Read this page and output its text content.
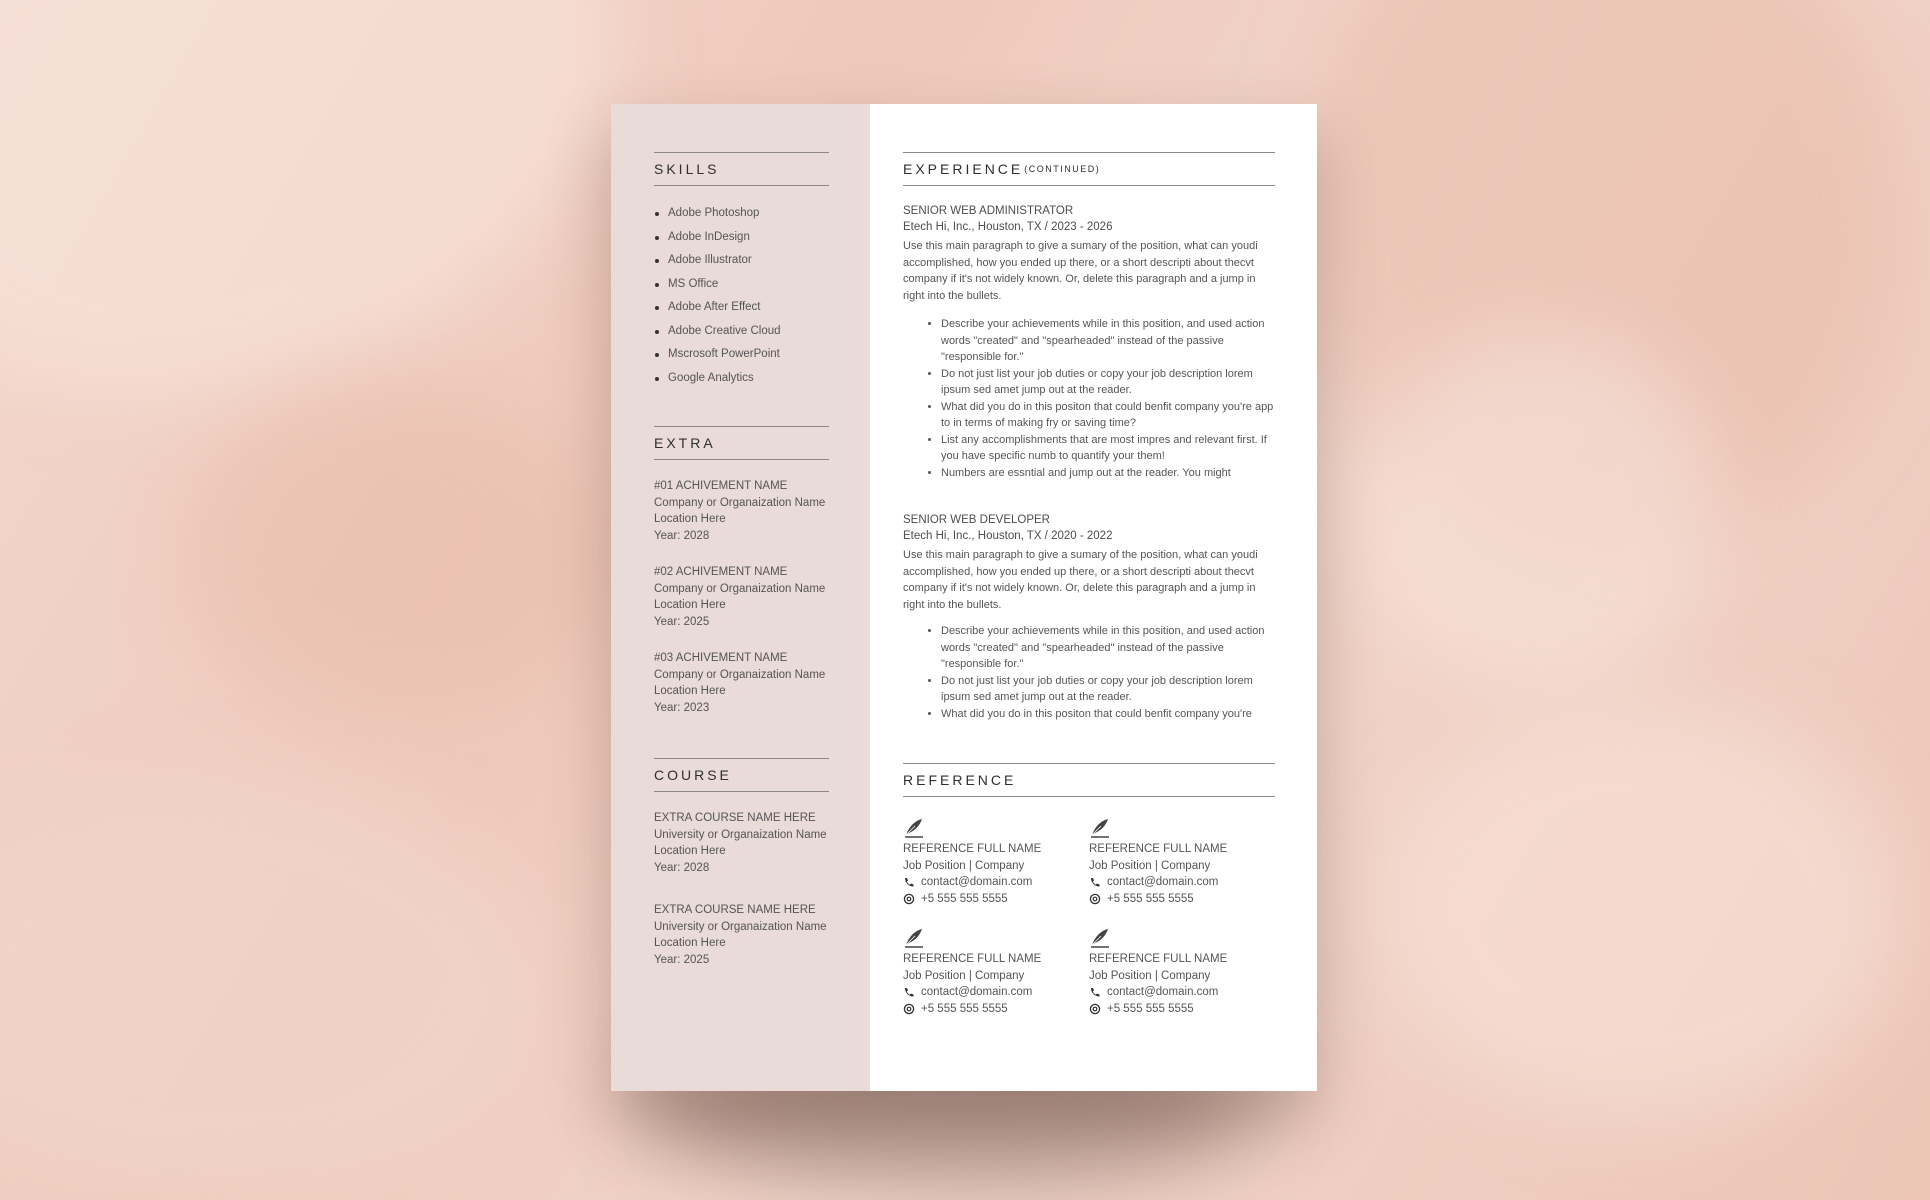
SKILLS
Adobe Photoshop
Adobe InDesign
Adobe Illustrator
MS Office
Adobe After Effect
Adobe Creative Cloud
Mscrosoft PowerPoint
Google Analytics
EXTRA
#01 ACHIVEMENT NAME
Company or Organaization Name
Location Here
Year: 2028
#02 ACHIVEMENT NAME
Company or Organaization Name
Location Here
Year: 2025
#03 ACHIVEMENT NAME
Company or Organaization Name
Location Here
Year: 2023
COURSE
EXTRA COURSE NAME HERE
University or Organaization Name
Location Here
Year: 2028
EXTRA COURSE NAME HERE
University or Organaization Name
Location Here
Year: 2025
EXPERIENCE (CONTINUED)
SENIOR WEB ADMINISTRATOR
Etech Hi, Inc., Houston, TX / 2023 - 2026
Use this main paragraph to give a sumary of the position, what can youdi accomplished, how you ended up there, or a short descripti about thecvt company if it's not widely known. Or, delete this paragraph and a jump in right into the bullets.
• Describe your achievements while in this position, and used action words "created" and "spearheaded" instead of the passive "responsible for."
• Do not just list your job duties or copy your job description lorem ipsum sed amet jump out at the reader.
• What did you do in this positon that could benfit company you're app to in terms of making fry or saving time?
• List any accomplishments that are most impres and relevant first. If you have specific numb to quantify your them!
• Numbers are essntial and jump out at the reader. You might
SENIOR WEB DEVELOPER
Etech Hi, Inc., Houston, TX / 2020 - 2022
Use this main paragraph to give a sumary of the position, what can youdi accomplished, how you ended up there, or a short descripti about thecvt company if it's not widely known. Or, delete this paragraph and a jump in right into the bullets.
• Describe your achievements while in this position, and used action words "created" and "spearheaded" instead of the passive "responsible for."
• Do not just list your job duties or copy your job description lorem ipsum sed amet jump out at the reader.
• What did you do in this positon that could benfit company you're
REFERENCE
REFERENCE FULL NAME
Job Position | Company
contact@domain.com
+5 555 555 5555
REFERENCE FULL NAME
Job Position | Company
contact@domain.com
+5 555 555 5555
REFERENCE FULL NAME
Job Position | Company
contact@domain.com
+5 555 555 5555
REFERENCE FULL NAME
Job Position | Company
contact@domain.com
+5 555 555 5555
